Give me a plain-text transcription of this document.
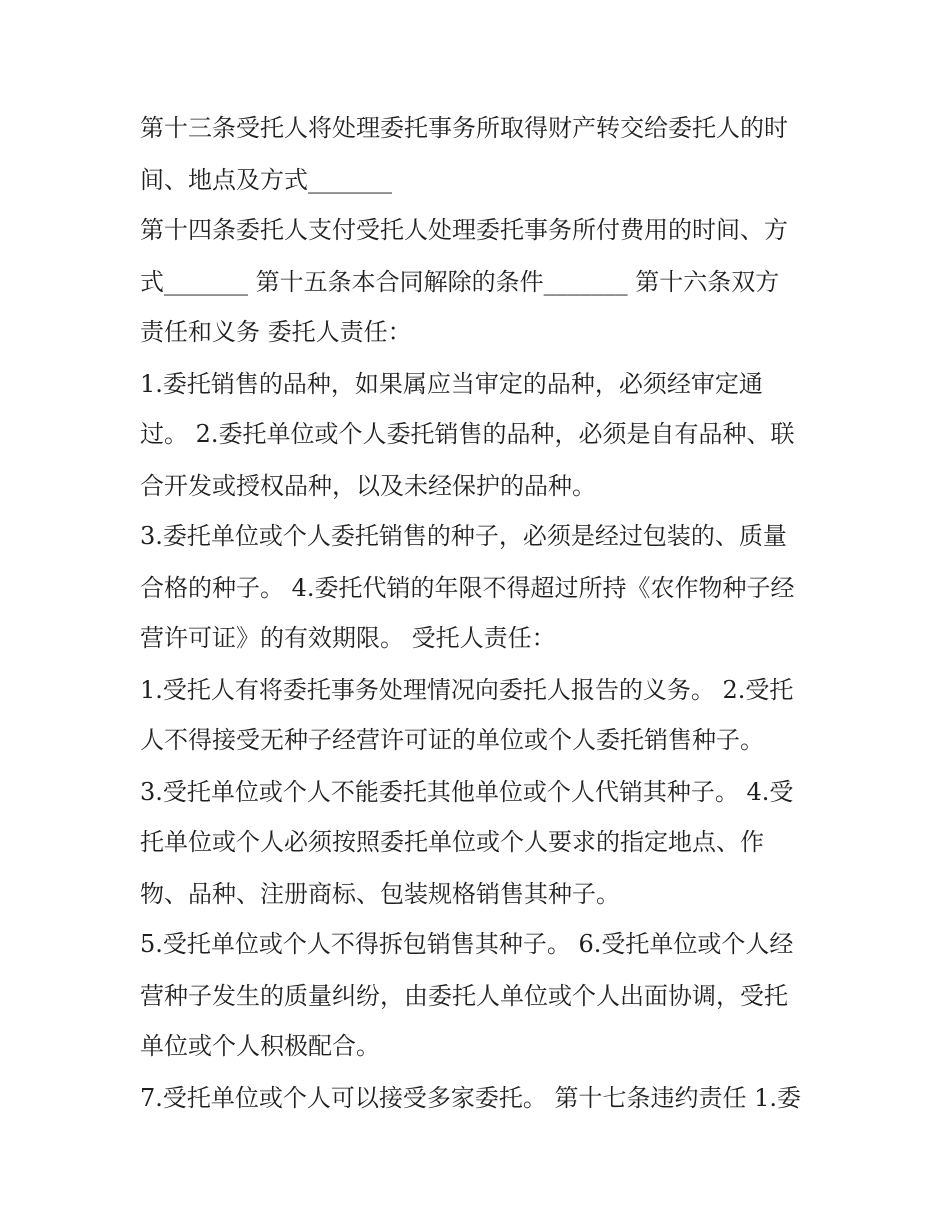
第十三条受托人将处理委托事务所取得财产转交给委托人的时
间、地点及方式_______
第十四条委托人支付受托人处理委托事务所付费用的时间、方
式_______ 第十五条本合同解除的条件_______ 第十六条双方
责任和义务 委托人责任：
1.委托销售的品种，如果属应当审定的品种，必须经审定通
过。 2.委托单位或个人委托销售的品种，必须是自有品种、联
合开发或授权品种，以及未经保护的品种。
3.委托单位或个人委托销售的种子，必须是经过包装的、质量
合格的种子。 4.委托代销的年限不得超过所持《农作物种子经
营许可证》的有效期限。 受托人责任：
1.受托人有将委托事务处理情况向委托人报告的义务。 2.受托
人不得接受无种子经营许可证的单位或个人委托销售种子。
3.受托单位或个人不能委托其他单位或个人代销其种子。 4.受
托单位或个人必须按照委托单位或个人要求的指定地点、作
物、品种、注册商标、包装规格销售其种子。
5.受托单位或个人不得拆包销售其种子。 6.受托单位或个人经
营种子发生的质量纠纷，由委托人单位或个人出面协调，受托
单位或个人积极配合。
7.受托单位或个人可以接受多家委托。 第十七条违约责任 1.委
